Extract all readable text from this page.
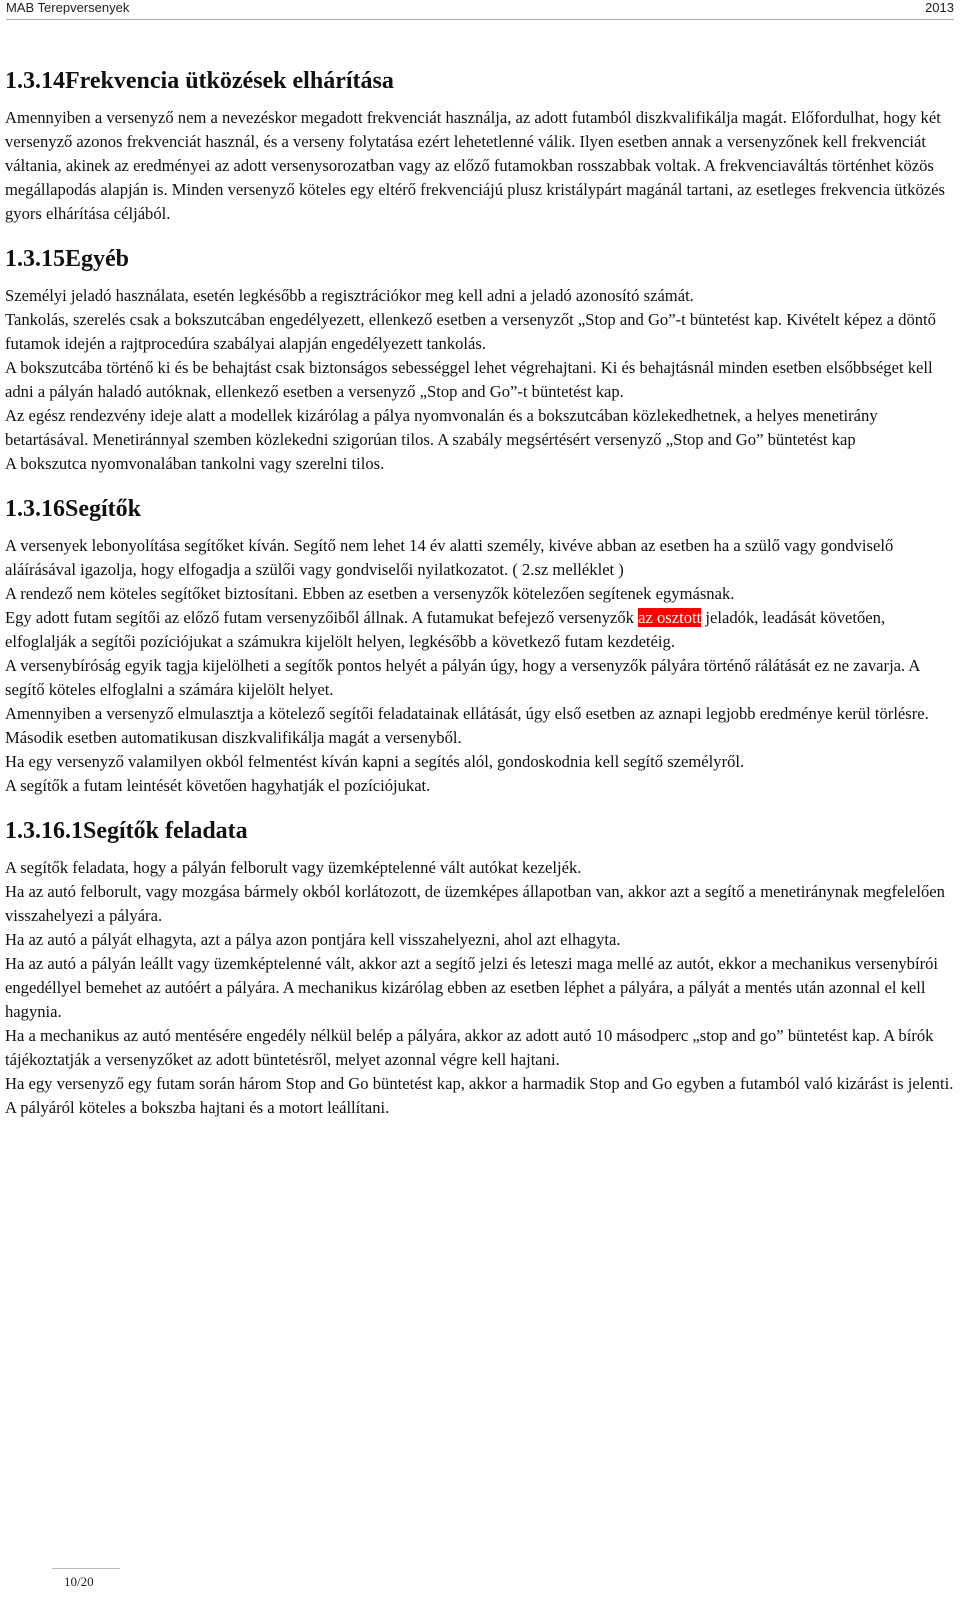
MAB Terepversenyek	2013
1.3.14Frekvencia ütközések elhárítása

Amennyiben a versenyző nem a nevezéskor megadott frekvenciát használja, az adott futamból diszkvalifikálja magát. Előfordulhat, hogy két versenyző azonos frekvenciát használ, és a verseny folytatása ezért lehetetlenné válik. Ilyen esetben annak a versenyzőnek kell frekvenciát váltania, akinek az eredményei az adott versenysorozatban vagy az előző futamokban rosszabbak voltak. A frekvenciaváltás történhet közös megállapodás alapján is. Minden versenyző köteles egy eltérő frekvenciájú plusz kristálypárt magánál tartani, az esetleges frekvencia ütközés gyors elhárítása céljából.

1.3.15Egyéb

Személyi jeladó használata, esetén legkésőbb a regisztrációkor meg kell adni a jeladó azonosító számát.

Tankolás, szerelés csak a bokszutcában engedélyezett, ellenkező esetben a versenyzőt „Stop and Go”-t büntetést kap. Kivételt képez a döntő futamok idején a rajtprocedúra szabályai alapján engedélyezett tankolás.

A bokszutcába történő ki és be behajtást csak biztonságos sebességgel lehet végrehajtani. Ki és behajtásnál minden esetben elsőbbséget kell adni a pályán haladó autóknak, ellenkező esetben a versenyző „Stop and Go”-t büntetést kap.

Az egész rendezvény ideje alatt a modellek kizárólag a pálya nyomvonalán és a bokszutcában közlekedhetnek, a helyes menetirány betartásával. Menetiránnyal szemben közlekedni szigorúan tilos. A szabály megsértésért versenyző „Stop and Go” büntetést kap

A bokszutca nyomvonalában tankolni vagy szerelni tilos.

1.3.16Segítők

A versenyek lebonyolítása segítőket kíván. Segítő nem lehet 14 év alatti személy, kivéve abban az esetben ha a szülő vagy gondviselő aláírásával igazolja, hogy elfogadja a szülői vagy gondviselői nyilatkozatot. ( 2.sz melléklet )

A rendező nem köteles segítőket biztosítani. Ebben az esetben a versenyzők kötelezően segítenek egymásnak.

Egy adott futam segítői az előző futam versenyzőiből állnak. A futamukat befejező versenyzők az osztott jeladók, leadását követően, elfoglalják a segítői pozíciójukat a számukra kijelölt helyen, legkésőbb a következő futam kezdetéig.

A versenybíróság egyik tagja kijelölheti a segítők pontos helyét a pályán úgy, hogy a versenyzők pályára történő rálátását ez ne zavarja. A segítő köteles elfoglalni a számára kijelölt helyet.

Amennyiben a versenyző elmulasztja a kötelező segítői feladatainak ellátását, úgy első esetben az aznapi legjobb eredménye kerül törlésre. Második esetben automatikusan diszkvalifikálja magát a versenyből.

Ha egy versenyző valamilyen okból felmentést kíván kapni a segítés alól, gondoskodnia kell segítő személyről.

A segítők a futam leintését követően hagyhatják el pozíciójukat.

1.3.16.1Segítők feladata

A segítők feladata, hogy a pályán felborult vagy üzemképtelenné vált autókat kezeljék.

Ha az autó felborult, vagy mozgása bármely okból korlátozott, de üzemképes állapotban van, akkor azt a segítő a menetiránynak megfelelően visszahelyezi a pályára.

Ha az autó a pályát elhagyta, azt a pálya azon pontjára kell visszahelyezni, ahol azt elhagyta.

Ha az autó a pályán leállt vagy üzemképtelenné vált, akkor azt a segítő jelzi és leteszi maga mellé az autót, ekkor a mechanikus versenybírói engedéllyel bemehet az autóért a pályára. A mechanikus kizárólag ebben az esetben léphet a pályára, a pályát a mentés után azonnal el kell hagynia.

Ha a mechanikus az autó mentésére engedély nélkül belép a pályára, akkor az adott autó 10 másodperc „stop and go” büntetést kap. A bírók tájékoztatják a versenyzőket az adott büntetésről, melyet azonnal végre kell hajtani.

Ha egy versenyző egy futam során három Stop and Go büntetést kap, akkor a harmadik Stop and Go egyben a futamból való kizárást is jelenti. A pályáról köteles a bokszba hajtani és a motort leállítani.

10/20
